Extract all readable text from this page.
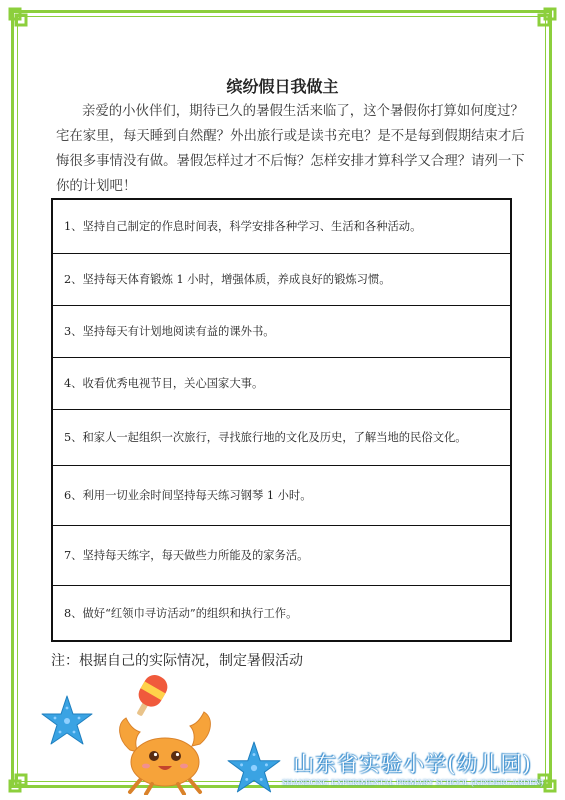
缤纷假日我做主
亲爱的小伙伴们，期待已久的暑假生活来临了，这个暑假你打算如何度过？宅在家里，每天睡到自然醒？外出旅行或是读书充电？是不是每到假期结束才后悔很多事情没有做。暑假怎样过才不后悔？怎样安排才算科学又合理？请列一下你的计划吧！
1、坚持自己制定的作息时间表，科学安排各种学习、生活和各种活动。
2、坚持每天体育锻炼 1 小时，增强体质，养成良好的锻炼习惯。
3、坚持每天有计划地阅读有益的课外书。
4、收看优秀电视节目，关心国家大事。
5、和家人一起组织一次旅行，寻找旅行地的文化及历史，了解当地的民俗文化。
6、利用一切业余时间坚持每天练习钢琴 1 小时。
7、坚持每天练字，每天做些力所能及的家务活。
8、做好“红领巾寻访活动”的组织和执行工作。
注：根据自己的实际情况，制定暑假活动
山东省实验小学(幼儿园)
SHANDONG EXPERIMENTAL PRIMARY SCHOOL (KINDERGARDEN)
